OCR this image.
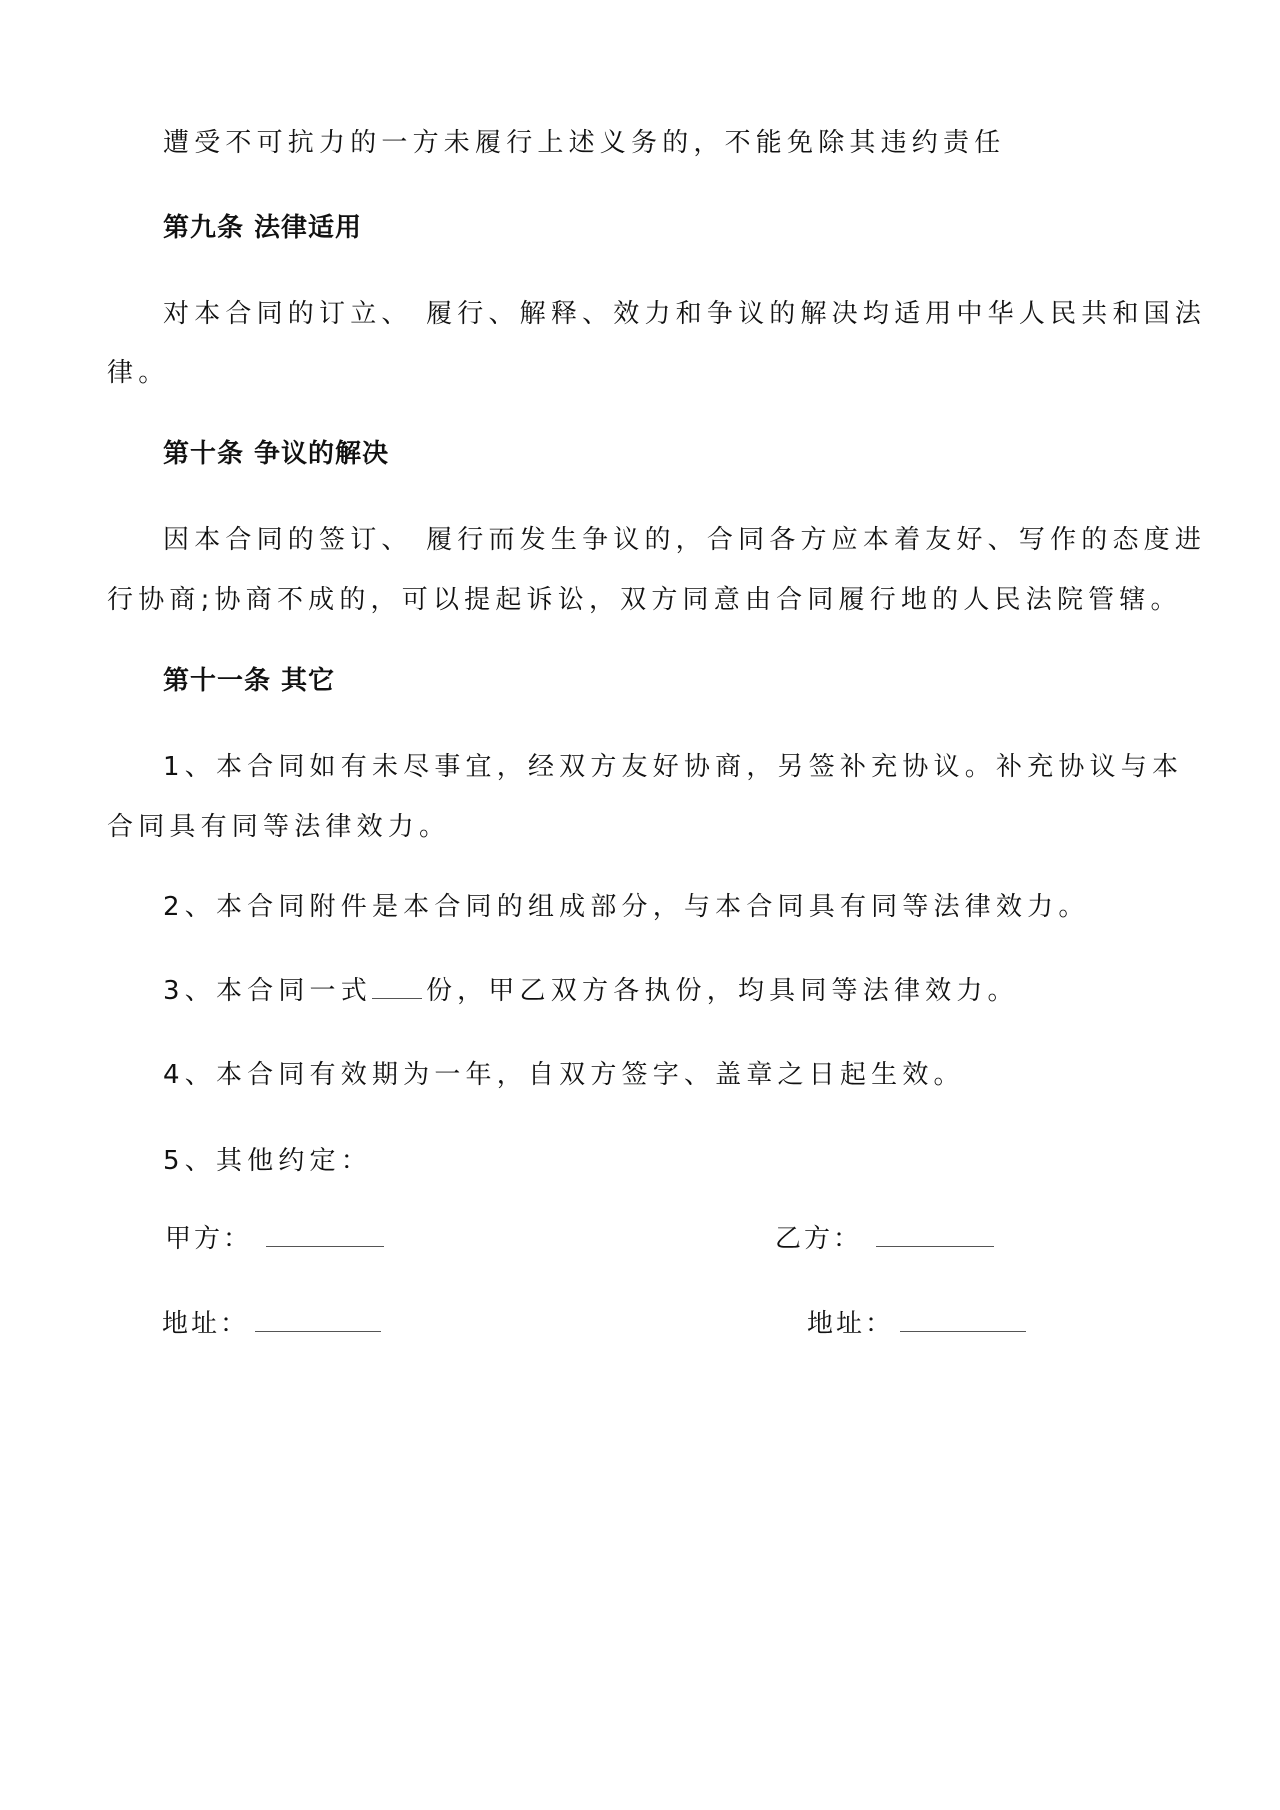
遭受不可抗力的一方未履行上述义务的，不能免除其违约责任
第九条 法律适用
对本合同的订立、 履行、解释、效力和争议的解决均适用中华人民共和国法
律。
第十条 争议的解决
因本合同的签订、 履行而发生争议的，合同各方应本着友好、写作的态度进
行协商;协商不成的，可以提起诉讼，双方同意由合同履行地的人民法院管辖。
第十一条 其它
1、本合同如有未尽事宜，经双方友好协商，另签补充协议。补充协议与本
合同具有同等法律效力。
2、本合同附件是本合同的组成部分，与本合同具有同等法律效力。
3、本合同一式 份，甲乙双方各执份，均具同等法律效力。
4、本合同有效期为一年，自双方签字、盖章之日起生效。
5、其他约定：
甲方：	乙方：
地址：	地址：
